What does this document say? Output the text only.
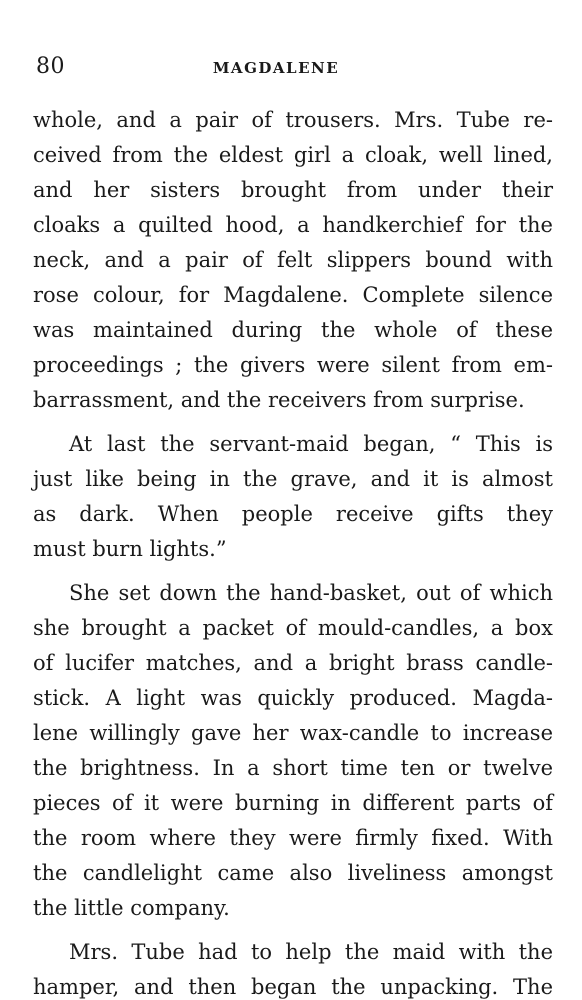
80	MAGDALENE
whole, and a pair of trousers. Mrs. Tube re-
ceived from the eldest girl a cloak, well lined,
and her sisters brought from under their
cloaks a quilted hood, a handkerchief for the
neck, and a pair of felt slippers bound with
rose colour, for Magdalene. Complete silence
was maintained during the whole of these
proceedings ; the givers were silent from em-
barrassment, and the receivers from surprise.
At last the servant-maid began, “ This is
just like being in the grave, and it is almost
as dark. When people receive gifts they
must burn lights.”
She set down the hand-basket, out of which
she brought a packet of mould-candles, a box
of lucifer matches, and a bright brass candle-
stick. A light was quickly produced. Magda-
lene willingly gave her wax-candle to increase
the brightness. In a short time ten or twelve
pieces of it were burning in different parts of
the room where they were firmly fixed. With
the candlelight came also liveliness amongst
the little company.
Mrs. Tube had to help the maid with the
hamper, and then began the unpacking. The
